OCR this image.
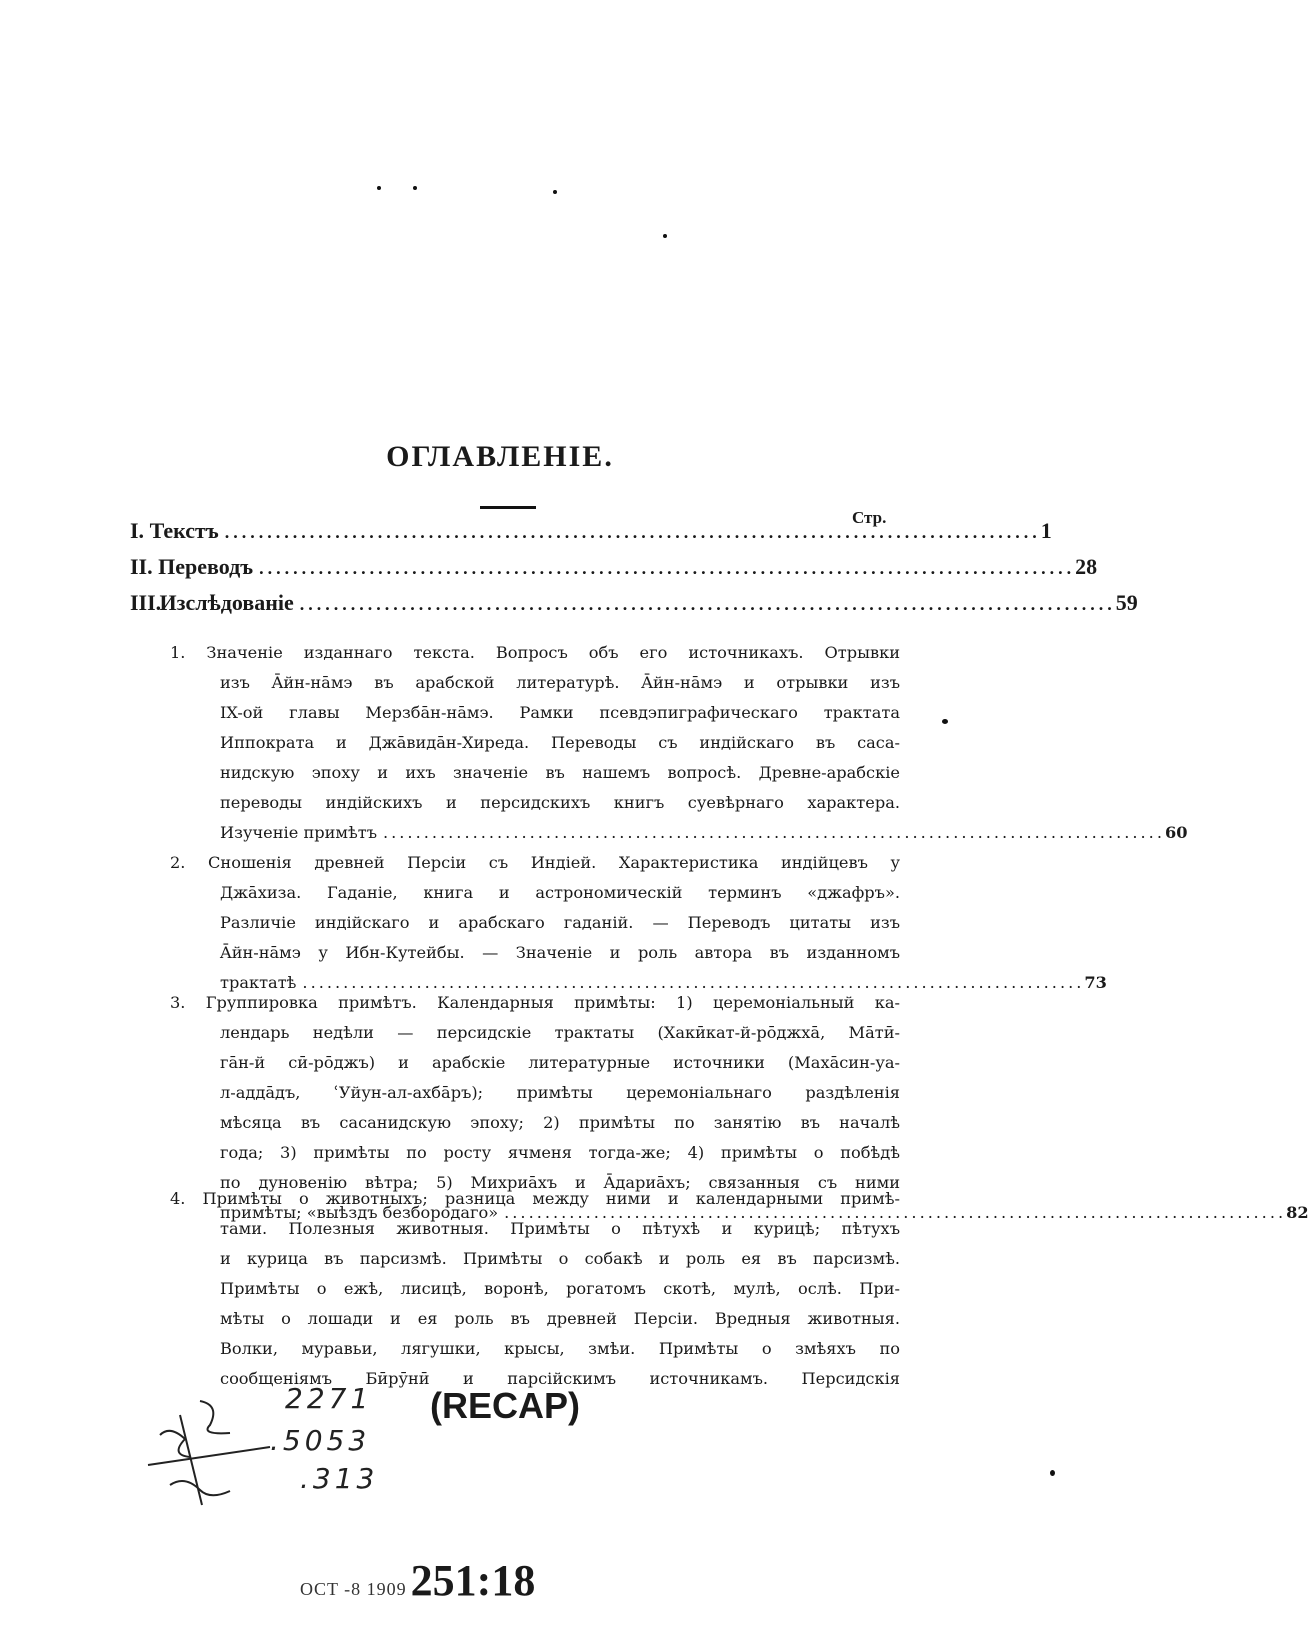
ОГЛАВЛЕНІЕ.
Стр.
I.
Текстъ ................................................................................................ 1
II.
Переводъ ................................................................................................ 28
III.

Изслѣдованіе ................................................................................................ 59
1. Значеніе изданнаго текста. Вопросъ объ его источникахъ. Отрывки
изъ Āйн-нāмэ въ арабской литературѣ. Āйн-нāмэ и отрывки изъ
IX-ой главы Мерзбāн-нāмэ. Рамки псевдэпиграфическаго трактата
Иппократа и Джāвидāн-Хиреда. Переводы съ индійскаго въ саса-
нидскую эпоху и ихъ значеніе въ нашемъ вопросѣ. Древне-арабскіе
переводы индійскихъ и персидскихъ книгъ суевѣрнаго характера.
Изученіе примѣтъ ................................................................................................ 60
2. Сношенія древней Персіи съ Индіей. Характеристика индійцевъ у
Джāхиза. Гаданіе, книга и астрономическій терминъ «джафръ».
Различіе индійскаго и арабскаго гаданій. — Переводъ цитаты изъ
Āйн-нāмэ у Ибн-Кутейбы. — Значеніе и роль автора въ изданномъ
трактатѣ ................................................................................................ 73
3. Группировка примѣтъ. Календарныя примѣты: 1) церемоніальный ка-
лендарь недѣли — персидскіе трактаты (Хакӣкат-й-рōджхā, Мāтӣ-
гāн-й сӣ-рōджъ) и арабскіе литературные источники (Махāсин-уа-
л-аддāдъ, ʿУйун-ал-ахбāръ); примѣты церемоніальнаго раздѣленія
мѣсяца въ сасанидскую эпоху; 2) примѣты по занятію въ началѣ
года; 3) примѣты по росту ячменя тогда-же; 4) примѣты о побѣдѣ
по дуновенію вѣтра; 5) Михриāхъ и Āдариāхъ; связанныя съ ними
примѣты; «выѣздъ безбородаго» ................................................................................................ 82
4. Примѣты о животныхъ; разница между ними и календарными примѣ-
тами. Полезныя животныя. Примѣты о пѣтухѣ и курицѣ; пѣтухъ
и курица въ парсизмѣ. Примѣты о собакѣ и роль ея въ парсизмѣ.
Примѣты о ежѣ, лисицѣ, воронѣ, рогатомъ скотѣ, мулѣ, ослѣ. При-
мѣты о лошади и ея роль въ древней Персіи. Вредныя животныя.
Волки, муравьи, лягушки, крысы, змѣи. Примѣты о змѣяхъ по
сообщеніямъ Бӣрӯнӣ и парсійскимъ источникамъ. Персидскія
2271
.5053
.313
(RECAP)
OCT -8 1909 251:18
